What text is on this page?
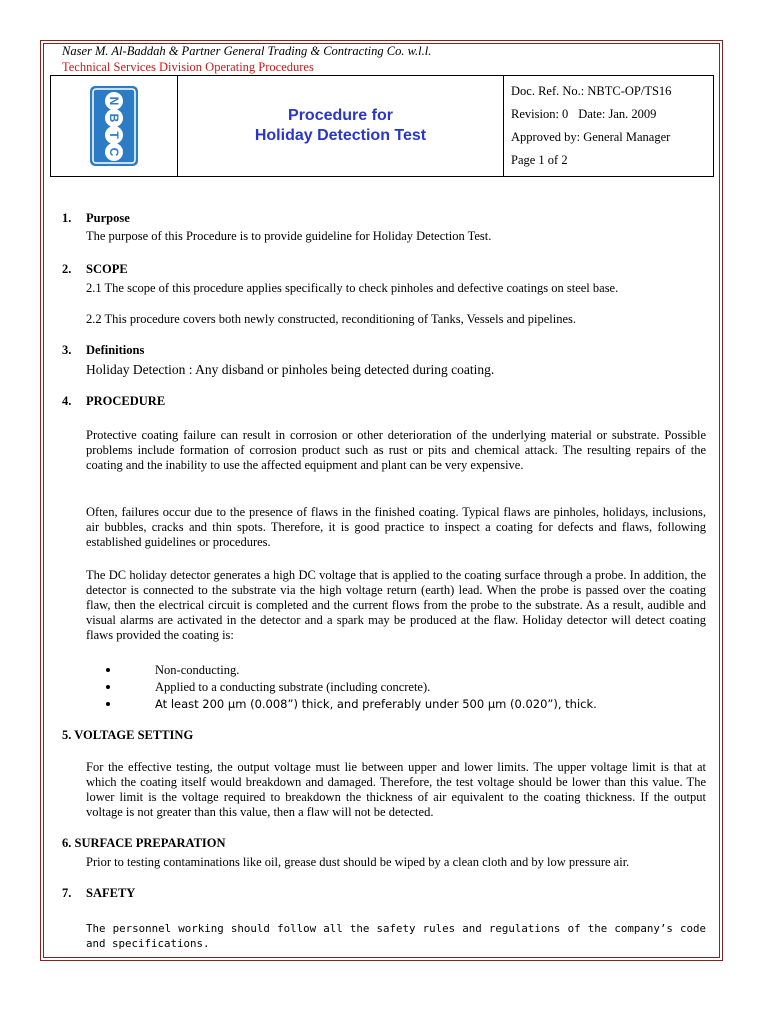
Naser M. Al-Baddah & Partner General Trading & Contracting Co. w.l.l.
Technical Services Division Operating Procedures
N
B
T
C

Procedure for
Holiday Detection Test

Doc. Ref. No.: NBTC-OP/TS16
Revision: 0 Date: Jan. 2009
Approved by: General Manager
Page 1 of 2
1. Purpose
The purpose of this Procedure is to provide guideline for Holiday Detection Test.
2. SCOPE
2.1 The scope of this procedure applies specifically to check pinholes and defective coatings on steel base.
2.2 This procedure covers both newly constructed, reconditioning of Tanks, Vessels and pipelines.
3. Definitions
Holiday Detection : Any disband or pinholes being detected during coating.
4. PROCEDURE
Protective coating failure can result in corrosion or other deterioration of the underlying material or substrate. Possible problems include formation of corrosion product such as rust or pits and chemical attack. The resulting repairs of the coating and the inability to use the affected equipment and plant can be very expensive.
Often, failures occur due to the presence of flaws in the finished coating. Typical flaws are pinholes, holidays, inclusions, air bubbles, cracks and thin spots. Therefore, it is good practice to inspect a coating for defects and flaws, following established guidelines or procedures.
The DC holiday detector generates a high DC voltage that is applied to the coating surface through a probe. In addition, the detector is connected to the substrate via the high voltage return (earth) lead. When the probe is passed over the coating flaw, then the electrical circuit is completed and the current flows from the probe to the substrate. As a result, audible and visual alarms are activated in the detector and a spark may be produced at the flaw. Holiday detector will detect coating flaws provided the coating is:
Non-conducting.
Applied to a conducting substrate (including concrete).
At least 200 μm (0.008”) thick, and preferably under 500 μm (0.020”), thick.
5. VOLTAGE SETTING
For the effective testing, the output voltage must lie between upper and lower limits. The upper voltage limit is that at which the coating itself would breakdown and damaged. Therefore, the test voltage should be lower than this value. The lower limit is the voltage required to breakdown the thickness of air equivalent to the coating thickness. If the output voltage is not greater than this value, then a flaw will not be detected.
6. SURFACE PREPARATION
Prior to testing contaminations like oil, grease dust should be wiped by a clean cloth and by low pressure air.
7. SAFETY
The personnel working should follow all the safety rules and regulations of the company’s code and specifications.
